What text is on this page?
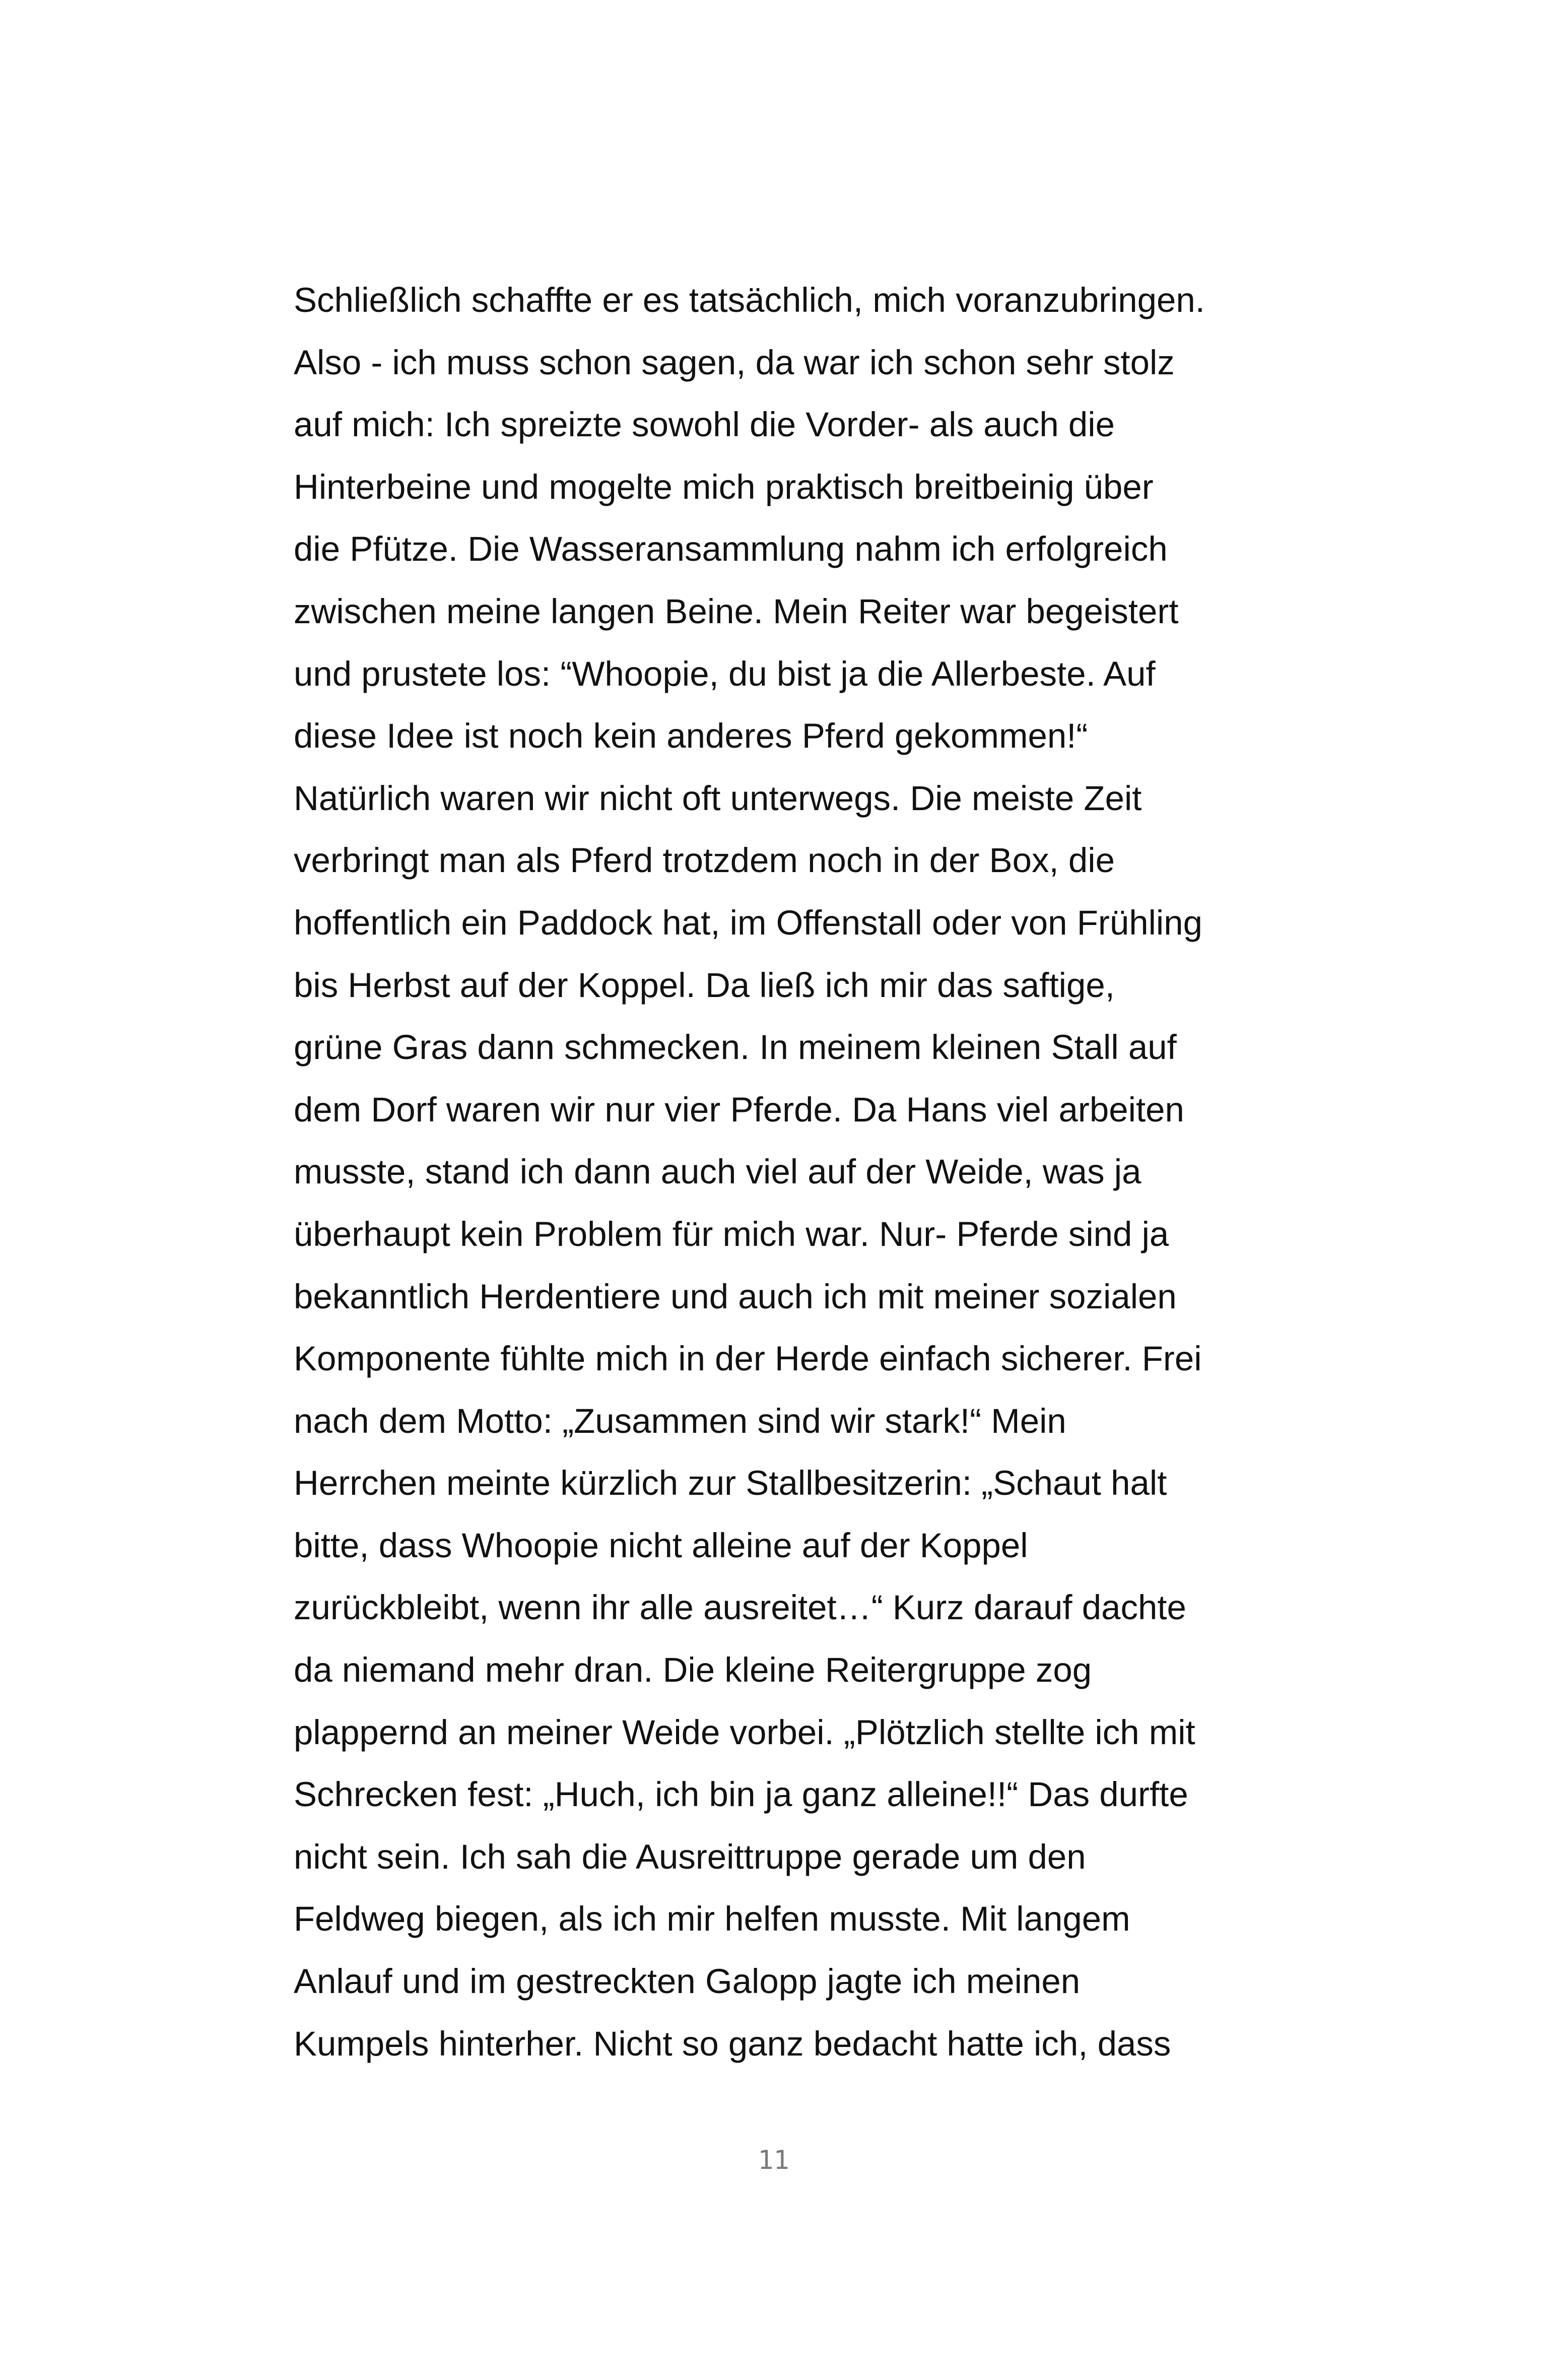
Schließlich schaffte er es tatsächlich, mich voranzubringen.
Also - ich muss schon sagen, da war ich schon sehr stolz
auf mich: Ich spreizte sowohl die Vorder- als auch die
Hinterbeine und mogelte mich praktisch breitbeinig über
die Pfütze. Die Wasseransammlung nahm ich erfolgreich
zwischen meine langen Beine. Mein Reiter war begeistert
und prustete los: “Whoopie, du bist ja die Allerbeste. Auf
diese Idee ist noch kein anderes Pferd gekommen!“
Natürlich waren wir nicht oft unterwegs. Die meiste Zeit
verbringt man als Pferd trotzdem noch in der Box, die
hoffentlich ein Paddock hat, im Offenstall oder von Frühling
bis Herbst auf der Koppel. Da ließ ich mir das saftige,
grüne Gras dann schmecken. In meinem kleinen Stall auf
dem Dorf waren wir nur vier Pferde. Da Hans viel arbeiten
musste, stand ich dann auch viel auf der Weide, was ja
überhaupt kein Problem für mich war. Nur- Pferde sind ja
bekanntlich Herdentiere und auch ich mit meiner sozialen
Komponente fühlte mich in der Herde einfach sicherer. Frei
nach dem Motto: „Zusammen sind wir stark!“ Mein
Herrchen meinte kürzlich zur Stallbesitzerin: „Schaut halt
bitte, dass Whoopie nicht alleine auf der Koppel
zurückbleibt, wenn ihr alle ausreitet…“ Kurz darauf dachte
da niemand mehr dran. Die kleine Reitergruppe zog
plappernd an meiner Weide vorbei. „Plötzlich stellte ich mit
Schrecken fest: „Huch, ich bin ja ganz alleine!!“ Das durfte
nicht sein. Ich sah die Ausreittruppe gerade um den
Feldweg biegen, als ich mir helfen musste. Mit langem
Anlauf und im gestreckten Galopp jagte ich meinen
Kumpels hinterher. Nicht so ganz bedacht hatte ich, dass
11
